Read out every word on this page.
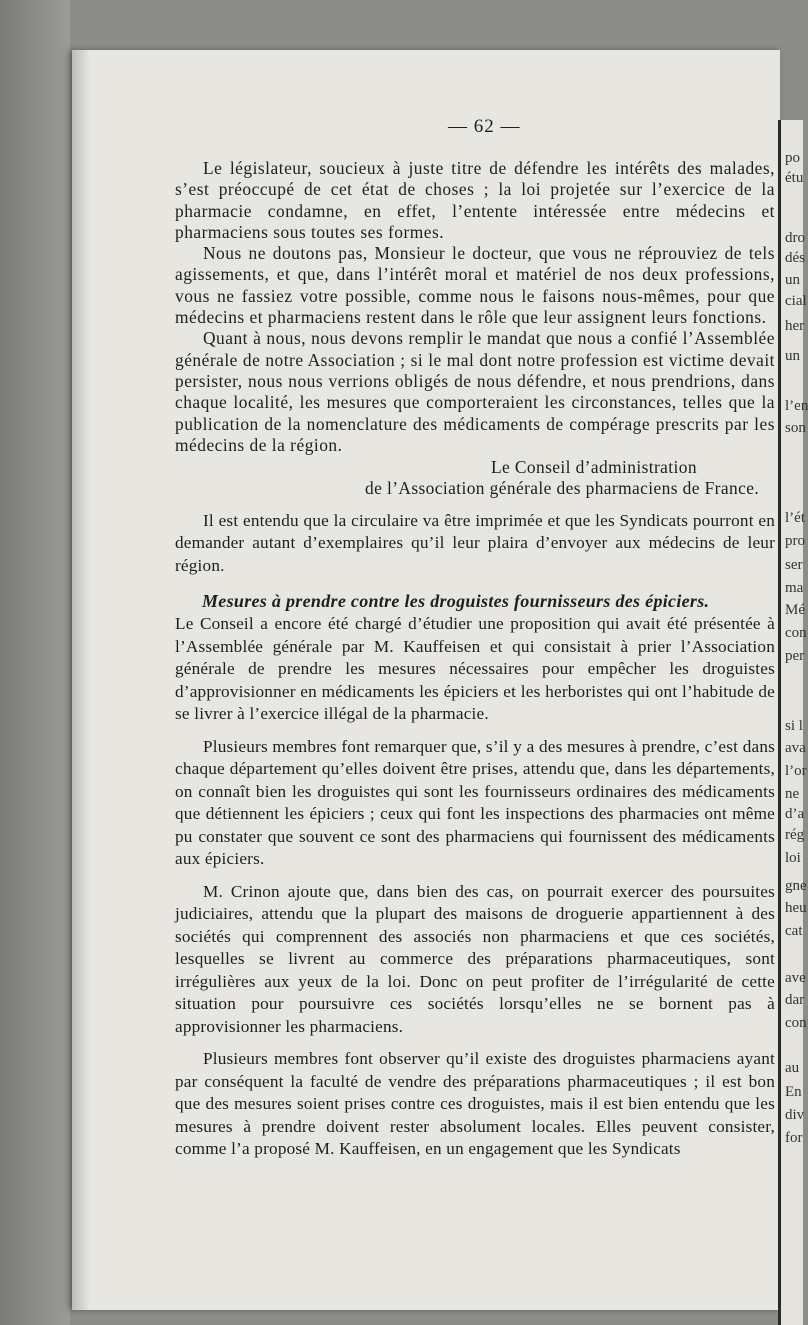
po
étu
dro
dés
un
cial
her
un
l’en
son
l’ét
pro
ser
ma
Mé
con
per
si l
ava
l’or
ne
d’a
rég
loi
gne
heu
cat
ave
dar
con
au
En
div
for
— 62 —

Le législateur, soucieux à juste titre de défendre les intérêts des malades, s’est préoccupé de cet état de choses ; la loi projetée sur l’exercice de la pharmacie condamne, en effet, l’entente intéressée entre médecins et pharmaciens sous toutes ses formes.

Nous ne doutons pas, Monsieur le docteur, que vous ne réprouviez de tels agissements, et que, dans l’intérêt moral et matériel de nos deux professions, vous ne fassiez votre possible, comme nous le faisons nous-mêmes, pour que médecins et pharmaciens restent dans le rôle que leur assignent leurs fonctions.

Quant à nous, nous devons remplir le mandat que nous a confié l’Assemblée générale de notre Association ; si le mal dont notre profession est victime devait persister, nous nous verrions obligés de nous défendre, et nous prendrions, dans chaque localité, les mesures que comporteraient les circonstances, telles que la publication de la nomenclature des médicaments de compérage prescrits par les médecins de la région.

Le Conseil d’administration
de l’Association générale des pharmaciens de France.

Il est entendu que la circulaire va être imprimée et que les Syndicats pourront en demander autant d’exemplaires qu’il leur plaira d’envoyer aux médecins de leur région.

Mesures à prendre contre les droguistes fournisseurs des épiciers.

Le Conseil a encore été chargé d’étudier une proposition qui avait été présentée à l’Assemblée générale par M. Kauffeisen et qui consistait à prier l’Association générale de prendre les mesures nécessaires pour empêcher les droguistes d’approvisionner en médicaments les épiciers et les herboristes qui ont l’habitude de se livrer à l’exercice illégal de la pharmacie.

Plusieurs membres font remarquer que, s’il y a des mesures à prendre, c’est dans chaque département qu’elles doivent être prises, attendu que, dans les départements, on connaît bien les droguistes qui sont les fournisseurs ordinaires des médicaments que détiennent les épiciers ; ceux qui font les inspections des pharmacies ont même pu constater que souvent ce sont des pharmaciens qui fournissent des médicaments aux épiciers.

M. Crinon ajoute que, dans bien des cas, on pourrait exercer des poursuites judiciaires, attendu que la plupart des maisons de droguerie appartiennent à des sociétés qui comprennent des associés non pharmaciens et que ces sociétés, lesquelles se livrent au commerce des préparations pharmaceutiques, sont irrégulières aux yeux de la loi. Donc on peut profiter de l’irrégularité de cette situation pour poursuivre ces sociétés lorsqu’elles ne se bornent pas à approvisionner les pharmaciens.

Plusieurs membres font observer qu’il existe des droguistes pharmaciens ayant par conséquent la faculté de vendre des préparations pharmaceutiques ; il est bon que des mesures soient prises contre ces droguistes, mais il est bien entendu que les mesures à prendre doivent rester absolument locales. Elles peuvent consister, comme l’a proposé M. Kauffeisen, en un engagement que les Syndicats
